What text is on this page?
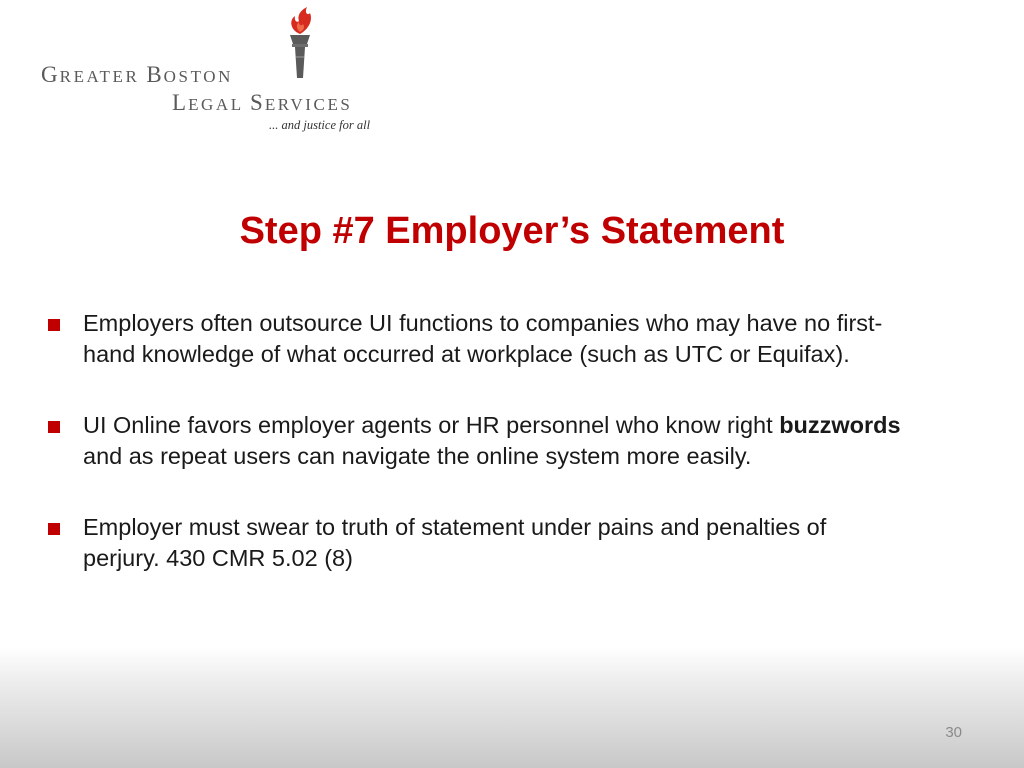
GREATER BOSTON
LEGAL SERVICES
... and justice for all
Step #7 Employer’s Statement
Employers often outsource UI functions to companies who may have no first-
hand knowledge of what occurred at workplace (such as UTC or Equifax).
UI Online favors employer agents or HR personnel who know right buzzwords
and as repeat users can navigate the online system more easily.
Employer must swear to truth of statement under pains and penalties of
perjury. 430 CMR 5.02 (8)
30
